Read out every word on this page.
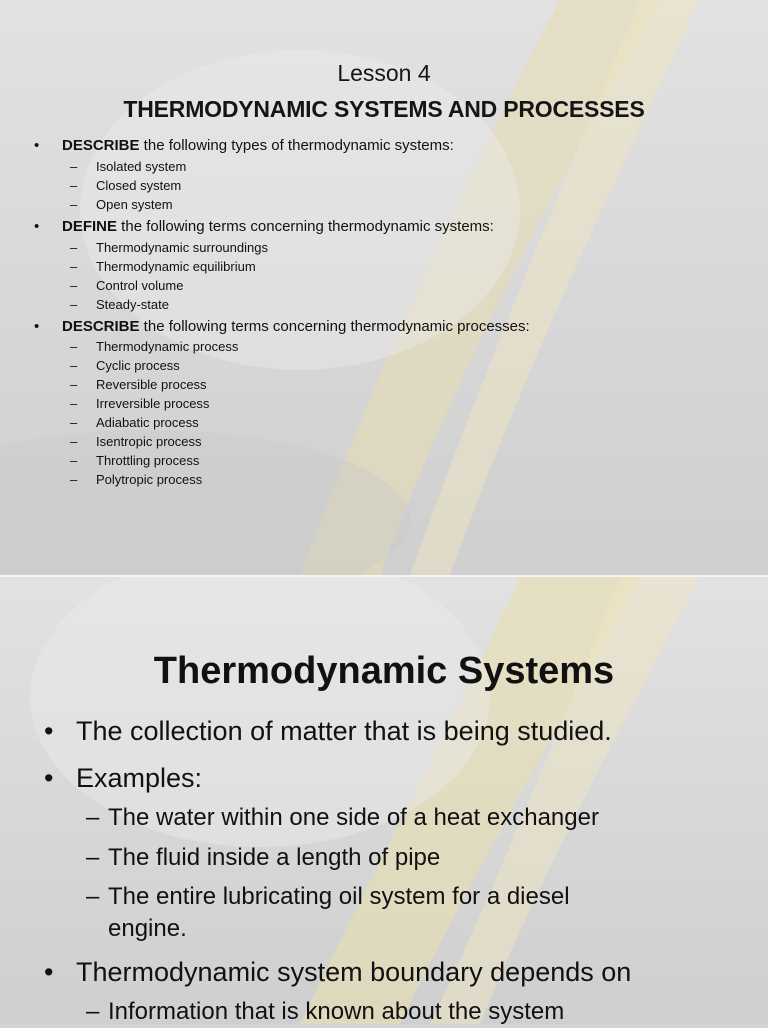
Lesson 4
THERMODYNAMIC SYSTEMS AND PROCESSES
• DESCRIBE the following types of thermodynamic systems:
– Isolated system
– Closed system
– Open system
• DEFINE the following terms concerning thermodynamic systems:
– Thermodynamic surroundings
– Thermodynamic equilibrium
– Control volume
– Steady-state
• DESCRIBE the following terms concerning thermodynamic processes:
– Thermodynamic process
– Cyclic process
– Reversible process
– Irreversible process
– Adiabatic process
– Isentropic process
– Throttling process
– Polytropic process
Thermodynamic Systems
• The collection of matter that is being studied.
• Examples:
– The water within one side of a heat exchanger
– The fluid inside a length of pipe
– The entire lubricating oil system for a diesel
engine.
• Thermodynamic system boundary depends on
– Information that is known about the system
